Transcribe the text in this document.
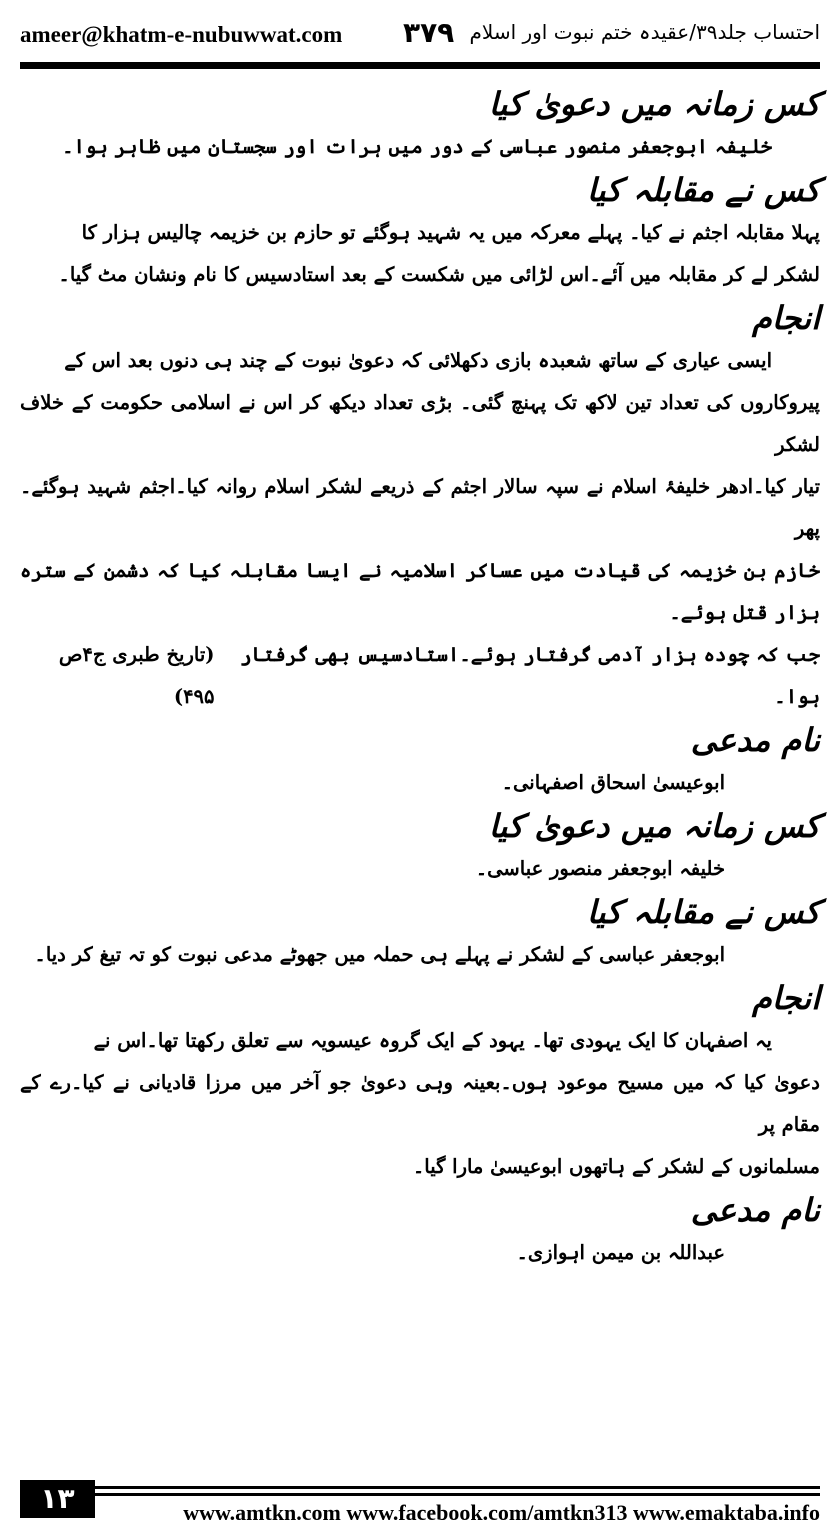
ameer@khatm-e-nubuwwat.com ۳۷۹ احتساب جلد۳۹/عقیدہ ختم نبوت اور اسلام
کس زمانہ میں دعویٰ کیا
خلیفہ ابوجعفر منصور عباسی کے دور میں ہرات اور سجستان میں ظاہر ہوا۔
کس نے مقابلہ کیا
پہلا مقابلہ اجثم نے کیا۔ پہلے معرکہ میں یہ شہید ہوگئے تو حازم بن خزیمہ چالیس ہزار کا
لشکر لے کر مقابلہ میں آئے۔اس لڑائی میں شکست کے بعد استادسیس کا نام ونشان مٹ گیا۔
انجام
ایسی عیاری کے ساتھ شعبدہ بازی دکھلائی کہ دعویٰ نبوت کے چند ہی دنوں بعد اس کے
پیروکاروں کی تعداد تین لاکھ تک پہنچ گئی۔ بڑی تعداد دیکھ کر اس نے اسلامی حکومت کے خلاف لشکر
تیار کیا۔ادھر خلیفۂ اسلام نے سپہ سالار اجثم کے ذریعے لشکر اسلام روانہ کیا۔اجثم شہید ہوگئے۔ پھر
خازم بن خزیمہ کی قیادت میں عساکر اسلامیہ نے ایسا مقابلہ کیا کہ دشمن کے سترہ ہزار قتل ہوئے۔
جب کہ چودہ ہزار آدمی گرفتار ہوئے۔استادسیس بھی گرفتار ہوا۔
(تاریخ طبری ج۴ص ۴۹۵)
نام مدعی
ابوعیسیٰ اسحاق اصفہانی۔
کس زمانہ میں دعویٰ کیا
خلیفہ ابوجعفر منصور عباسی۔
کس نے مقابلہ کیا
ابوجعفر عباسی کے لشکر نے پہلے ہی حملہ میں جھوٹے مدعی نبوت کو تہ تیغ کر دیا۔
انجام
یہ اصفہان کا ایک یہودی تھا۔ یہود کے ایک گروہ عیسویہ سے تعلق رکھتا تھا۔اس نے
دعویٰ کیا کہ میں مسیح موعود ہوں۔بعینہ وہی دعویٰ جو آخر میں مرزا قادیانی نے کیا۔رے کے مقام پر
مسلمانوں کے لشکر کے ہاتھوں ابوعیسیٰ مارا گیا۔
نام مدعی
عبداللہ بن میمن اہوازی۔
۱۳	www.amtkn.com www.facebook.com/amtkn313 www.emaktaba.info
